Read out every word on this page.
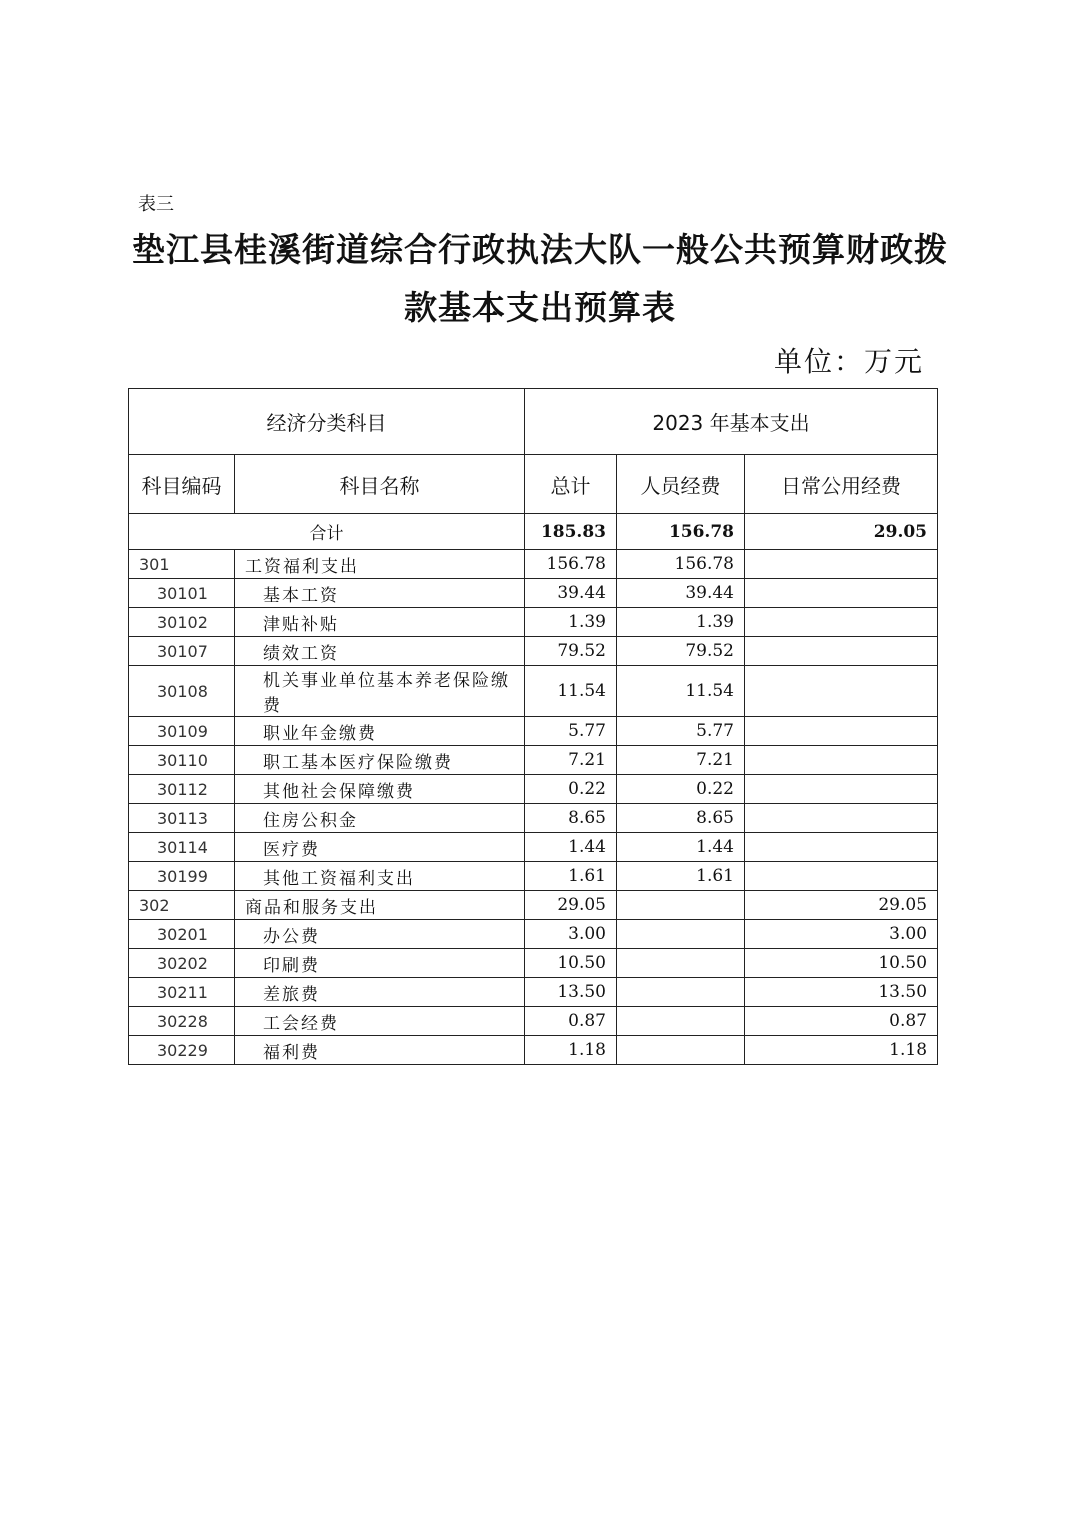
表三
垫江县桂溪街道综合行政执法大队一般公共预算财政拨
款基本支出预算表
单位：万元
经济分类科目		2023 年基本支出		
科目编码	科目名称	总计	人员经费	日常公用经费
合计		185.83	156.78	29.05
301	工资福利支出	156.78	156.78	
30101	基本工资	39.44	39.44	
30102	津贴补贴	1.39	1.39	
30107	绩效工资	79.52	79.52	
30108	机关事业单位基本养老保险缴费	11.54	11.54	
30109	职业年金缴费	5.77	5.77	
30110	职工基本医疗保险缴费	7.21	7.21	
30112	其他社会保障缴费	0.22	0.22	
30113	住房公积金	8.65	8.65	
30114	医疗费	1.44	1.44	
30199	其他工资福利支出	1.61	1.61	
302	商品和服务支出	29.05		29.05
30201	办公费	3.00		3.00
30202	印刷费	10.50		10.50
30211	差旅费	13.50		13.50
30228	工会经费	0.87		0.87
30229	福利费	1.18		1.18
